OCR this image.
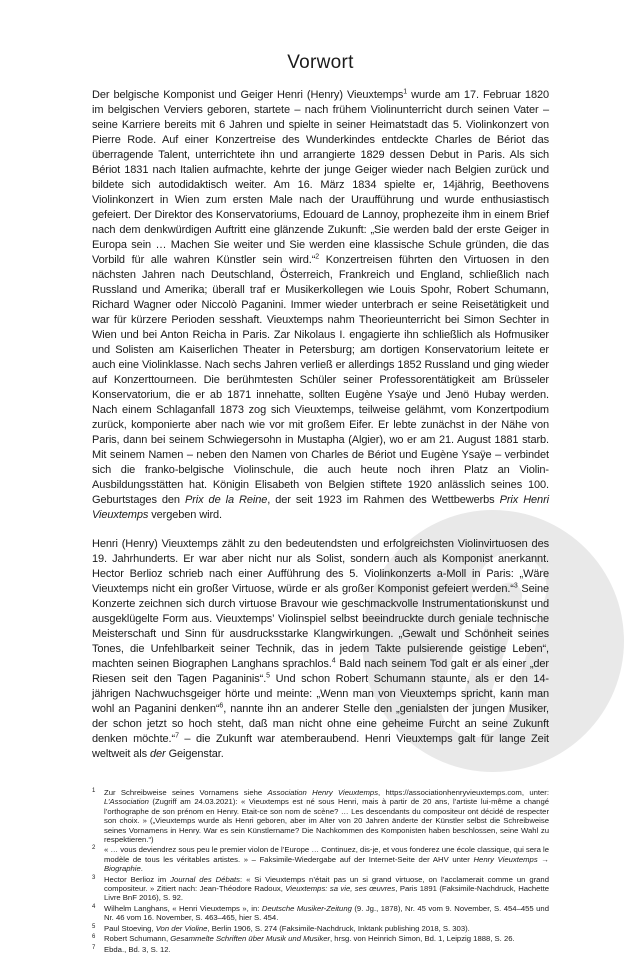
Vorwort

Der belgische Komponist und Geiger Henri (Henry) Vieuxtemps$^1$ wurde am 17. Februar 1820 im belgischen Verviers geboren, startete – nach frühem Violinunterricht durch seinen Vater – seine Karriere bereits mit 6 Jahren und spielte in seiner Heimatstadt das 5. Violinkonzert von Pierre Rode. Auf einer Konzertreise des Wunderkindes entdeckte Charles de Bériot das überragende Talent, unterrichtete ihn und arrangierte 1829 dessen Debut in Paris. Als sich Bériot 1831 nach Italien aufmachte, kehrte der junge Geiger wieder nach Belgien zurück und bildete sich autodidaktisch weiter. Am 16. März 1834 spielte er, 14jährig, Beethovens Violinkonzert in Wien zum ersten Male nach der Uraufführung und wurde enthusiastisch gefeiert. Der Direktor des Konservatoriums, Edouard de Lannoy, prophezeite ihm in einem Brief nach dem denkwürdigen Auftritt eine glänzende Zukunft: „Sie werden bald der erste Geiger in Europa sein … Machen Sie weiter und Sie werden eine klassische Schule gründen, die das Vorbild für alle wahren Künstler sein wird.“$^2$ Konzertreisen führten den Virtuosen in den nächsten Jahren nach Deutschland, Österreich, Frankreich und England, schließlich nach Russland und Amerika; überall traf er Musikerkollegen wie Louis Spohr, Robert Schumann, Richard Wagner oder Niccolò Paganini. Immer wieder unterbrach er seine Reisetätigkeit und war für kürzere Perioden sesshaft. Vieuxtemps nahm Theorieunterricht bei Simon Sechter in Wien und bei Anton Reicha in Paris. Zar Nikolaus I. engagierte ihn schließlich als Hofmusiker und Solisten am Kaiserlichen Theater in Petersburg; am dortigen Konservatorium leitete er auch eine Violinklasse. Nach sechs Jahren verließ er allerdings 1852 Russland und ging wieder auf Konzerttourneen. Die berühmtesten Schüler seiner Professorentätigkeit am Brüsseler Konservatorium, die er ab 1871 innehatte, sollten Eugène Ysaÿe und Jenö Hubay werden. Nach einem Schlaganfall 1873 zog sich Vieuxtemps, teilweise gelähmt, vom Konzertpodium zurück, komponierte aber nach wie vor mit großem Eifer. Er lebte zunächst in der Nähe von Paris, dann bei seinem Schwiegersohn in Mustapha (Algier), wo er am 21. August 1881 starb. Mit seinem Namen – neben den Namen von Charles de Bériot und Eugène Ysaÿe – verbindet sich die franko-belgische Violinschule, die auch heute noch ihren Platz an Violin-Ausbildungsstätten hat. Königin Elisabeth von Belgien stiftete 1920 anlässlich seines 100. Geburtstages den Prix de la Reine, der seit 1923 im Rahmen des Wettbewerbs Prix Henri Vieuxtemps vergeben wird.

Henri (Henry) Vieuxtemps zählt zu den bedeutendsten und erfolgreichsten Violinvirtuosen des 19. Jahrhunderts. Er war aber nicht nur als Solist, sondern auch als Komponist anerkannt. Hector Berlioz schrieb nach einer Aufführung des 5. Violinkonzerts a-Moll in Paris: „Wäre Vieuxtemps nicht ein großer Virtuose, würde er als großer Komponist gefeiert werden.“$^3$ Seine Konzerte zeichnen sich durch virtuose Bravour wie geschmackvolle Instrumentationskunst und ausgeklügelte Form aus. Vieuxtemps’ Violinspiel selbst beeindruckte durch geniale technische Meisterschaft und Sinn für ausdrucksstarke Klangwirkungen. „Gewalt und Schönheit seines Tones, die Unfehlbarkeit seiner Technik, das in jedem Takte pulsierende geistige Leben“, machten seinen Biographen Langhans sprachlos.$^4$ Bald nach seinem Tod galt er als einer „der Riesen seit den Tagen Paganinis“.$^5$ Und schon Robert Schumann staunte, als er den 14-jährigen Nachwuchsgeiger hörte und meinte: „Wenn man von Vieuxtemps spricht, kann man wohl an Paganini denken“$^6$, nannte ihn an anderer Stelle den „genialsten der jungen Musiker, der schon jetzt so hoch steht, daß man nicht ohne eine geheime Furcht an seine Zukunft denken möchte.“$^7$ – die Zukunft war atemberaubend. Henri Vieuxtemps galt für lange Zeit weltweit als der Geigenstar.

1 Zur Schreibweise seines Vornamens siehe Association Henry Vieuxtemps, https://associationhenryvieuxtemps.com, unter: L’Association (Zugriff am 24.03.2021): « Vieuxtemps est né sous Henri, mais à partir de 20 ans, l’artiste lui-même a changé l’orthographe de son prénom en Henry. Etait-ce son nom de scène? … Les descendants du compositeur ont décidé de respecter son choix. » („Vieuxtemps wurde als Henri geboren, aber im Alter von 20 Jahren änderte der Künstler selbst die Schreibweise seines Vornamens in Henry. War es sein Künstlername? Die Nachkommen des Komponisten haben beschlossen, seine Wahl zu respektieren.“)
2 « … vous deviendrez sous peu le premier violon de l’Europe … Continuez, dis-je, et vous fonderez une école classique, qui sera le modèle de tous les véritables artistes. » – Faksimile-Wiedergabe auf der Internet-Seite der AHV unter Henry Vieuxtemps → Biographie.
3 Hector Berlioz im Journal des Débats: « Si Vieuxtemps n’était pas un si grand virtuose, on l’acclamerait comme un grand compositeur. » Zitiert nach: Jean-Théodore Radoux, Vieuxtemps: sa vie, ses œuvres, Paris 1891 (Faksimile-Nachdruck, Hachette Livre BnF 2016), S. 92.
4 Wilhelm Langhans, « Henri Vieuxtemps », in: Deutsche Musiker-Zeitung (9. Jg., 1878), Nr. 45 vom 9. November, S. 454–455 und Nr. 46 vom 16. November, S. 463–465, hier S. 454.
5 Paul Stoeving, Von der Violine, Berlin 1906, S. 274 (Faksimile-Nachdruck, Inktank publishing 2018, S. 303).
6 Robert Schumann, Gesammelte Schriften über Musik und Musiker, hrsg. von Heinrich Simon, Bd. 1, Leipzig 1888, S. 26.
7 Ebda., Bd. 3, S. 12.
